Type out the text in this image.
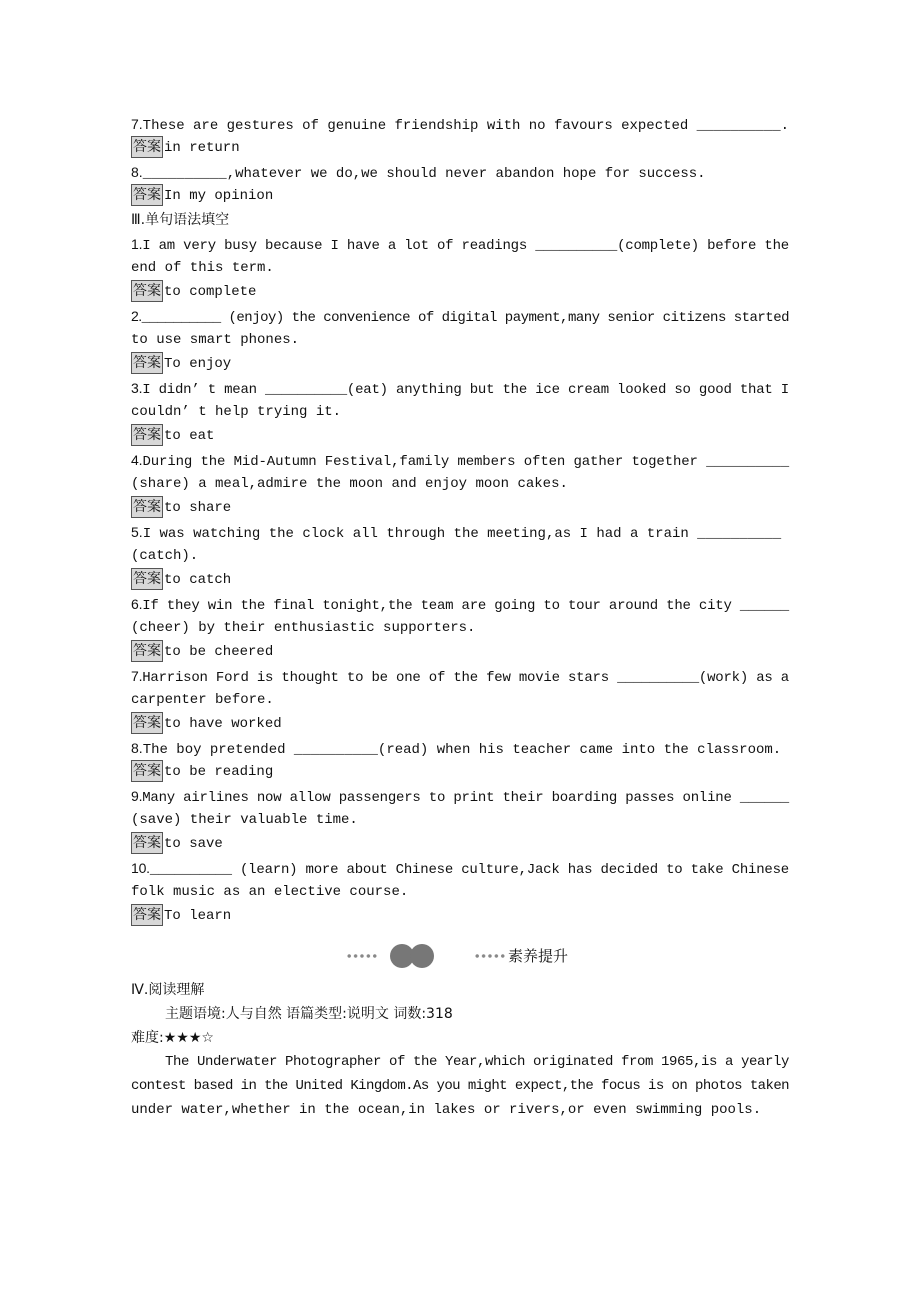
素养提升
7.These are gestures of genuine friendship with no favours expected __________.
答案 in return
8.__________,whatever we do,we should never abandon hope for success.
答案 In my opinion
Ⅲ.单句语法填空
1.I am very busy because I have a lot of readings __________(complete) before the
end of this term.
答案 to complete
2.__________ (enjoy) the convenience of digital payment,many senior citizens started
to use smart phones.
答案 To enjoy
3.I didn’ t mean __________(eat) anything but the ice cream looked so good that I
couldn’ t help trying it.
答案 to eat
4.During the Mid-Autumn Festival,family members often gather together __________
(share) a meal,admire the moon and enjoy moon cakes.
答案 to share
5.I was watching the clock all through the meeting,as I had a train __________
(catch).
答案 to catch
6.If they win the final tonight,the team are going to tour around the city ______
(cheer) by their enthusiastic supporters.
答案 to be cheered
7.Harrison Ford is thought to be one of the few movie stars __________(work) as a
carpenter before.
答案 to have worked
8.The boy pretended __________(read) when his teacher came into the classroom.
答案 to be reading
9.Many airlines now allow passengers to print their boarding passes online ______
(save) their valuable time.
答案 to save
10.__________ (learn) more about Chinese culture,Jack has decided to take Chinese
folk music as an elective course.
答案 To learn
Ⅳ.阅读理解
主题语境:人与自然 语篇类型:说明文 词数:318
难度:★★★☆
The Underwater Photographer of the Year,which originated from 1965,is a yearly
contest based in the United Kingdom.As you might expect,the focus is on photos taken
under water,whether in the ocean,in lakes or rivers,or even swimming pools.
